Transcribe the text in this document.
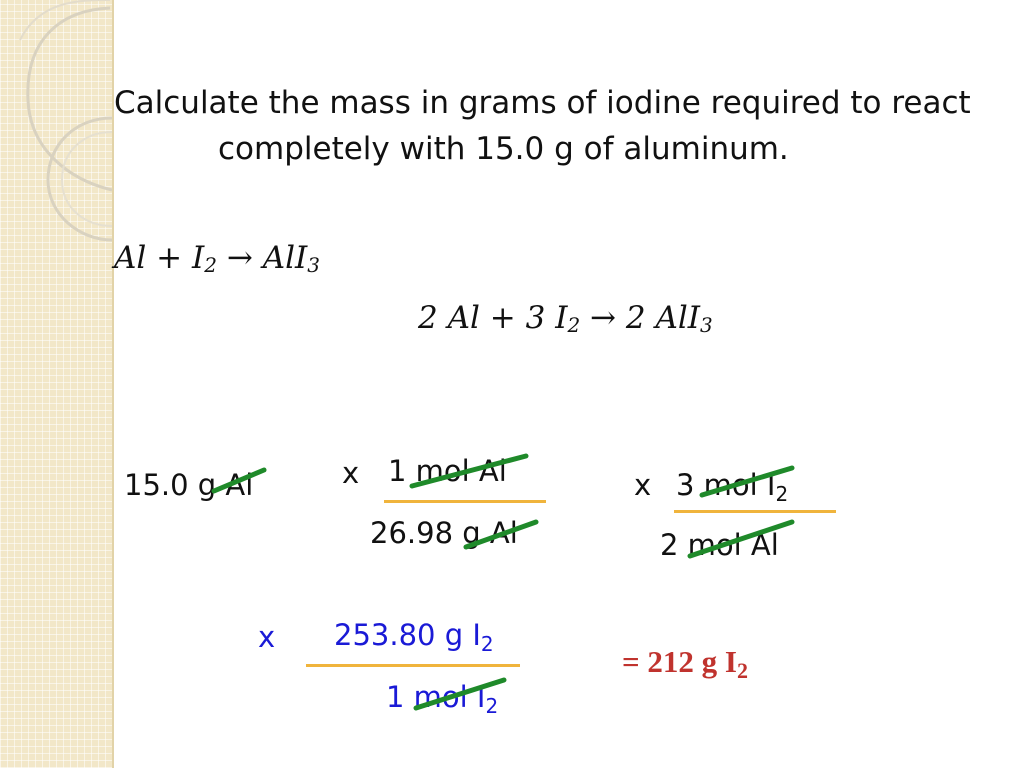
Calculate the mass in grams of iodine required to react
completely with 15.0 g of aluminum.
$Al + I_2 \to AlI_3$
2 Al + 3 $I_2 \to 2$ AlI$_3$
15.0 g Al	x 1 mol Al
26.98 g Al
x 3 mol $I_2$
2 mol Al
x 253.80 g $I_2$
1 mol $I_2$
= 212 g $I_2$
